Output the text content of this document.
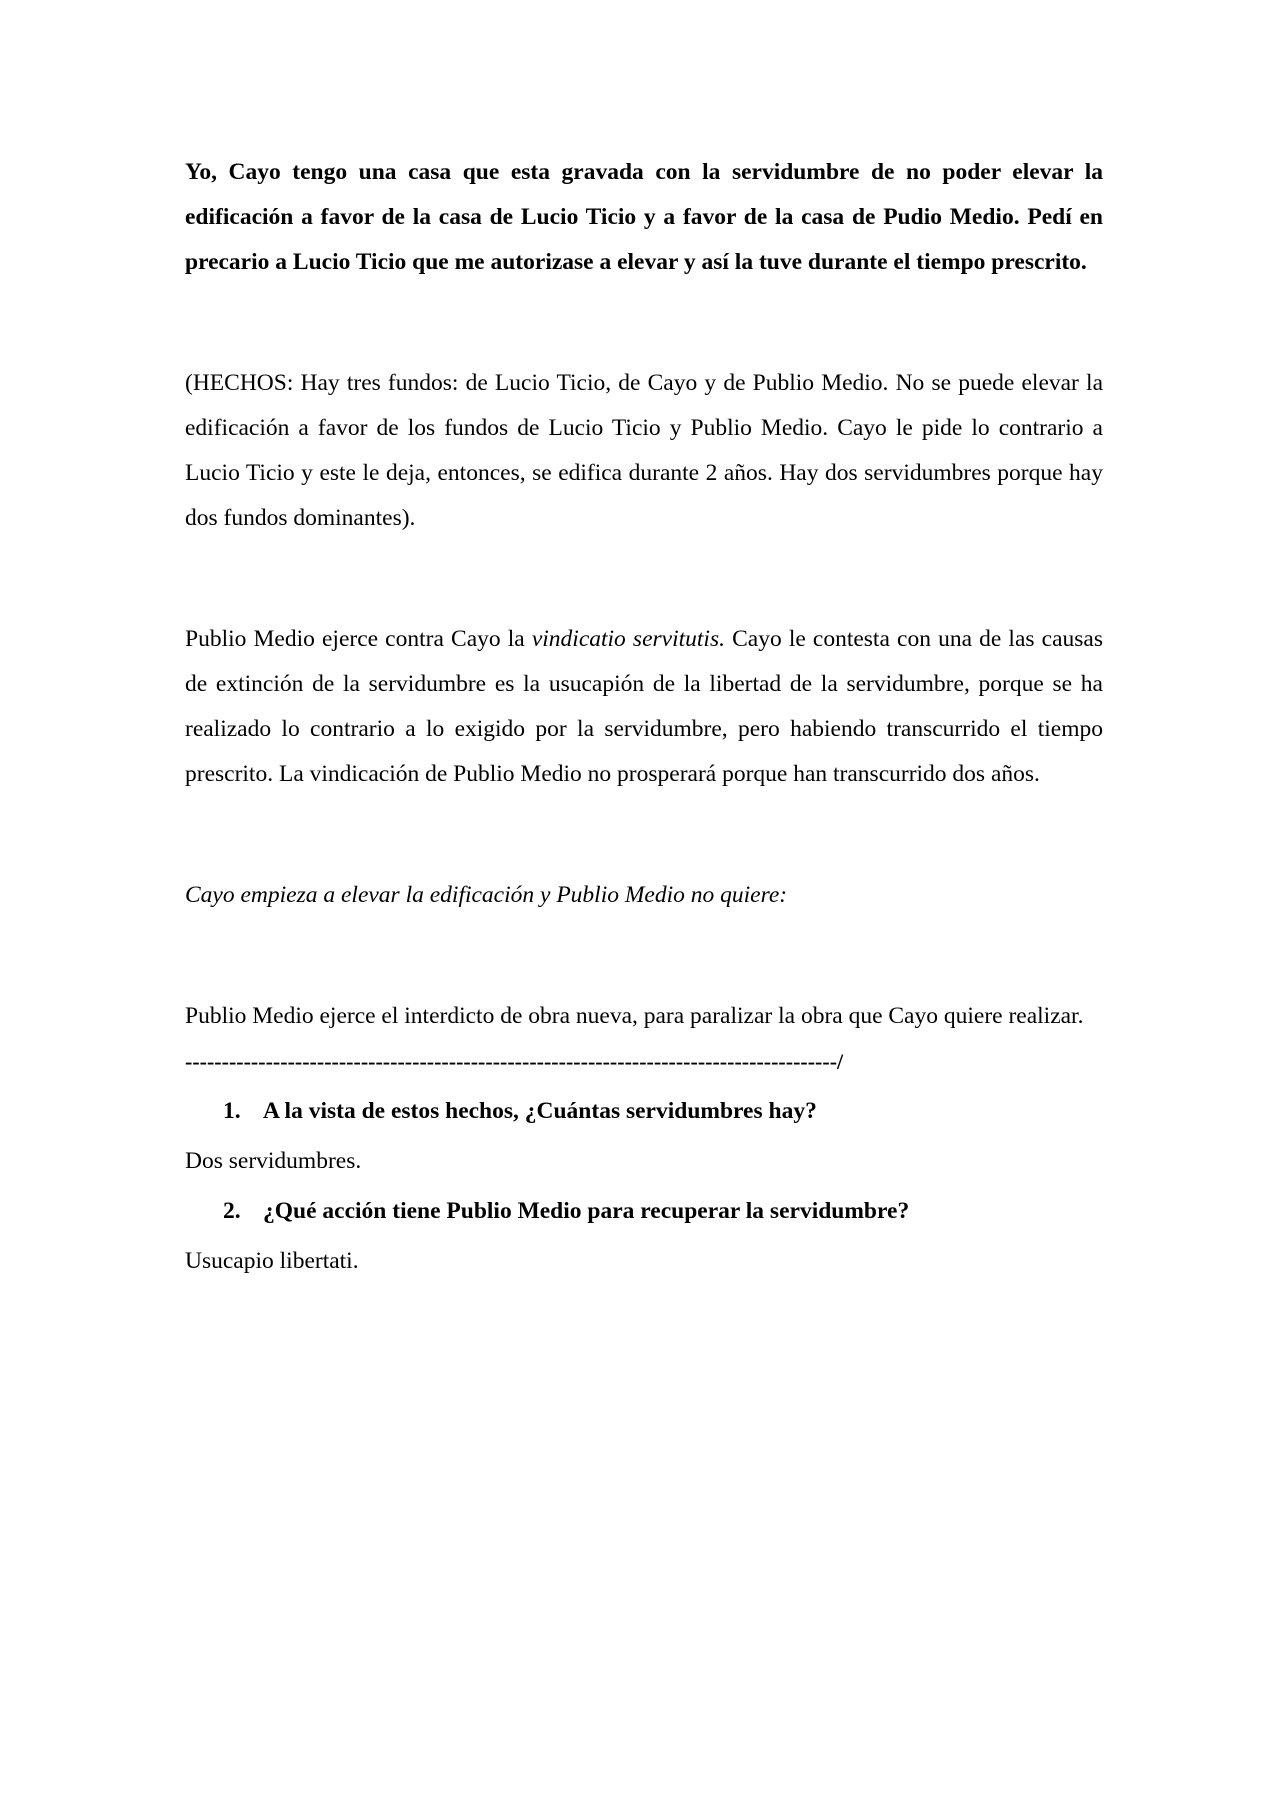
Yo, Cayo tengo una casa que esta gravada con la servidumbre de no poder elevar la edificación a favor de la casa de Lucio Ticio y a favor de la casa de Pudio Medio. Pedí en precario a Lucio Ticio que me autorizase a elevar y así la tuve durante el tiempo prescrito.

(HECHOS: Hay tres fundos: de Lucio Ticio, de Cayo y de Publio Medio. No se puede elevar la edificación a favor de los fundos de Lucio Ticio y Publio Medio. Cayo le pide lo contrario a Lucio Ticio y este le deja, entonces, se edifica durante 2 años. Hay dos servidumbres porque hay dos fundos dominantes).

Publio Medio ejerce contra Cayo la vindicatio servitutis. Cayo le contesta con una de las causas de extinción de la servidumbre es la usucapión de la libertad de la servidumbre, porque se ha realizado lo contrario a lo exigido por la servidumbre, pero habiendo transcurrido el tiempo prescrito. La vindicación de Publio Medio no prosperará porque han transcurrido dos años.

Cayo empieza a elevar la edificación y Publio Medio no quiere:

Publio Medio ejerce el interdicto de obra nueva, para paralizar la obra que Cayo quiere realizar.

-----------------------------------------------------------------------------------------/

1. A la vista de estos hechos, ¿Cuántas servidumbres hay?

Dos servidumbres.

2. ¿Qué acción tiene Publio Medio para recuperar la servidumbre?

Usucapio libertati.
